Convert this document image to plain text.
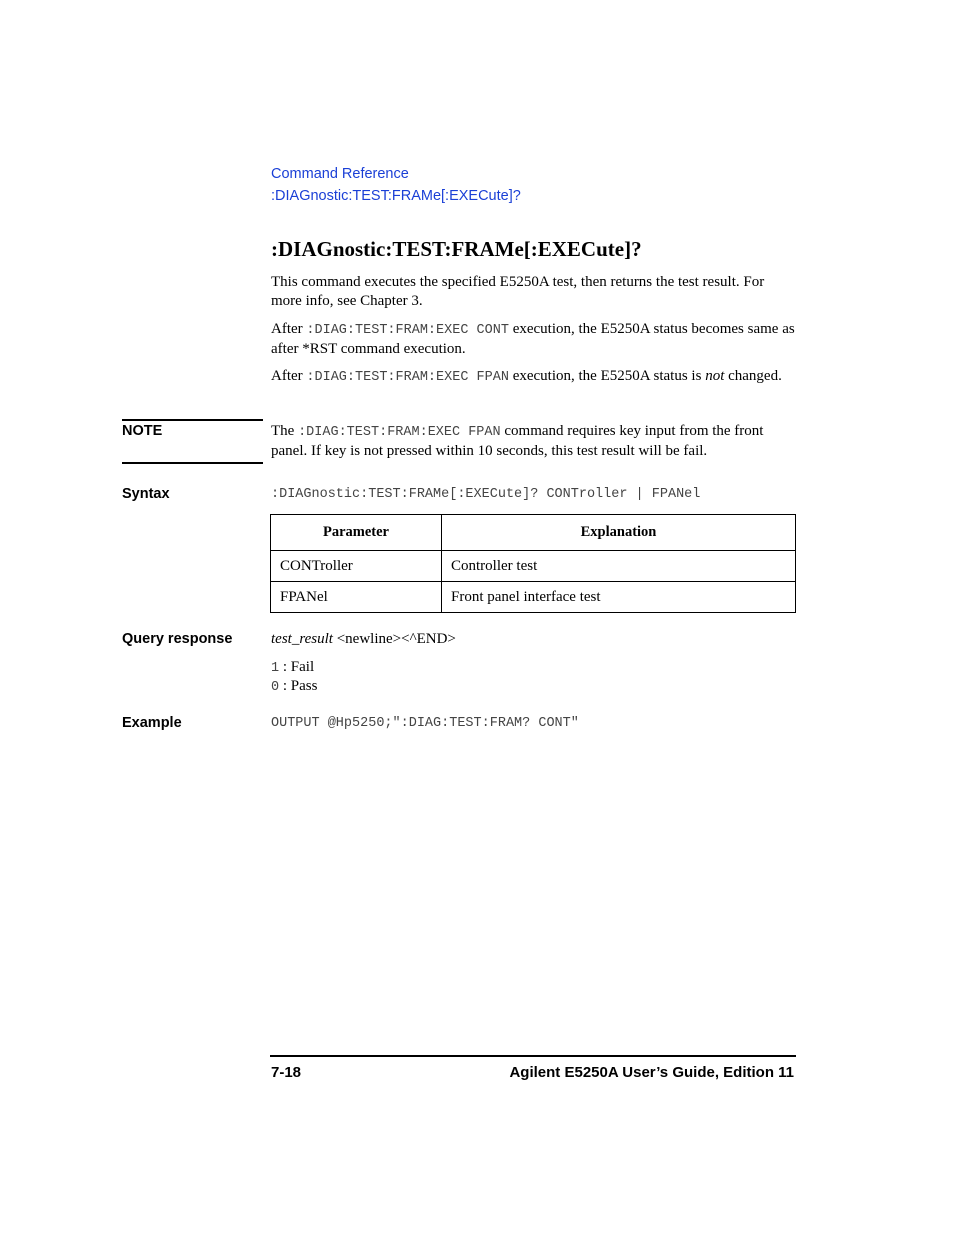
Command Reference
:DIAGnostic:TEST:FRAMe[:EXECute]?
:DIAGnostic:TEST:FRAMe[:EXECute]?
This command executes the specified E5250A test, then returns the test result. For more info, see Chapter 3.
After :DIAG:TEST:FRAM:EXEC CONT execution, the E5250A status becomes same as after *RST command execution.
After :DIAG:TEST:FRAM:EXEC FPAN execution, the E5250A status is not changed.
NOTE	The :DIAG:TEST:FRAM:EXEC FPAN command requires key input from the front panel. If key is not pressed within 10 seconds, this test result will be fail.
Syntax	:DIAGnostic:TEST:FRAMe[:EXECute]? CONTroller | FPANel
Parameter	Explanation
CONTroller	Controller test
FPANel	Front panel interface test
Query response	test_result <newline><^END>
1 : Fail
0 : Pass
Example	OUTPUT @Hp5250;":DIAG:TEST:FRAM? CONT"
7-18	Agilent E5250A User’s Guide, Edition 11
